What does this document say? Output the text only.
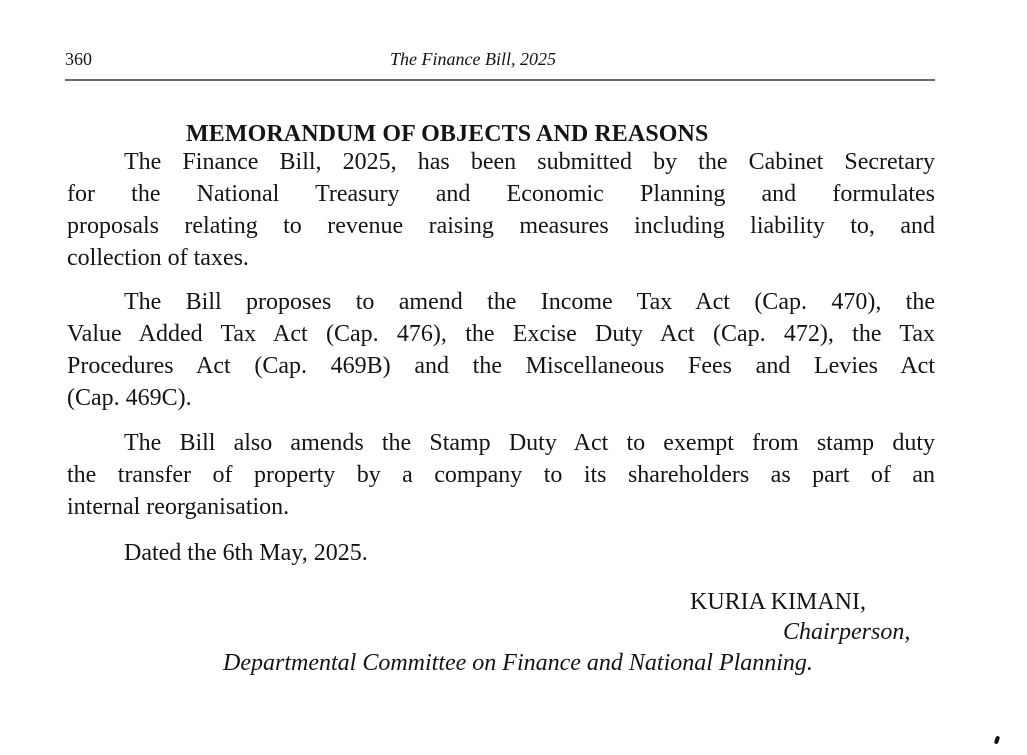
360	The Finance Bill, 2025
MEMORANDUM OF OBJECTS AND REASONS
The Finance Bill, 2025, has been submitted by the Cabinet Secretary
for the National Treasury and Economic Planning and formulates
proposals relating to revenue raising measures including liability to, and
collection of taxes.
The Bill proposes to amend the Income Tax Act (Cap. 470), the
Value Added Tax Act (Cap. 476), the Excise Duty Act (Cap. 472), the Tax
Procedures Act (Cap. 469B) and the Miscellaneous Fees and Levies Act
(Cap. 469C).
The Bill also amends the Stamp Duty Act to exempt from stamp duty
the transfer of property by a company to its shareholders as part of an
internal reorganisation.
Dated the 6th May, 2025.
KURIA KIMANI,
Chairperson,
Departmental Committee on Finance and National Planning.
